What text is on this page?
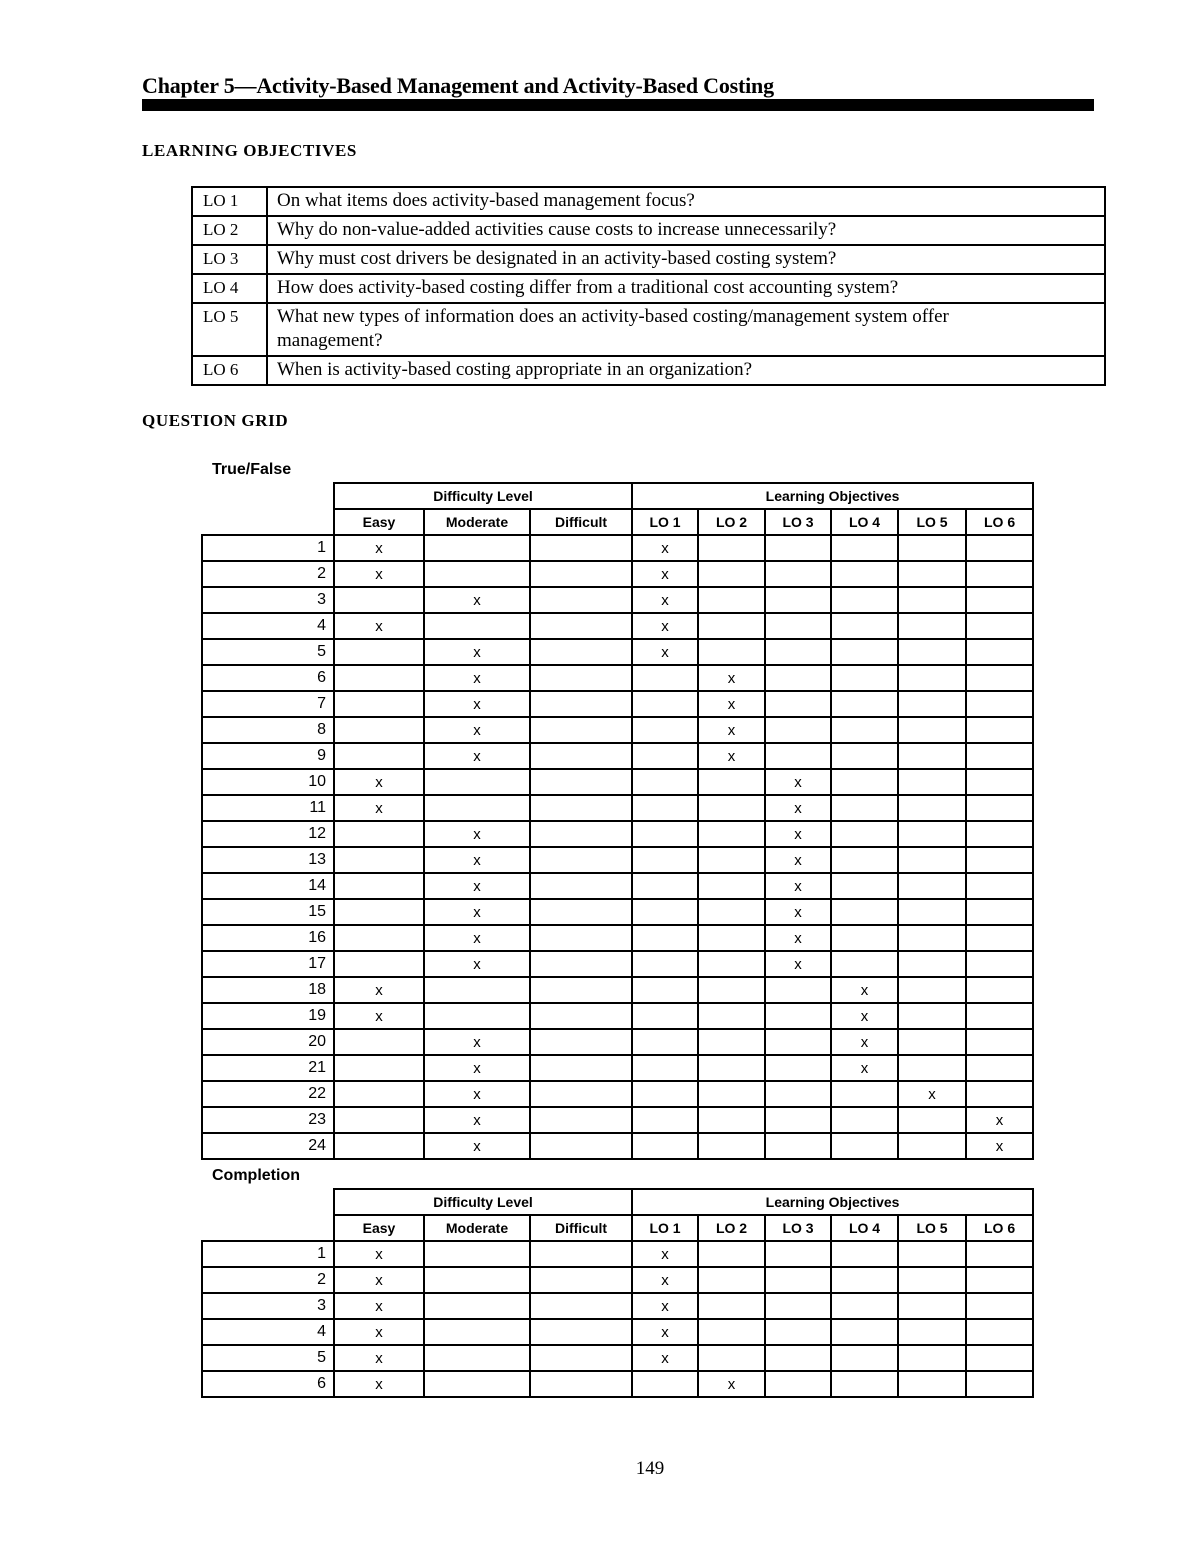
Chapter 5—Activity-Based Management and Activity-Based Costing
LEARNING OBJECTIVES
LO 1	On what items does activity-based management focus?
LO 2	Why do non-value-added activities cause costs to increase unnecessarily?
LO 3	Why must cost drivers be designated in an activity-based costing system?
LO 4	How does activity-based costing differ from a traditional cost accounting system?
LO 5	What new types of information does an activity-based costing/management system offer management?
LO 6	When is activity-based costing appropriate in an organization?
QUESTION GRID
True/False
	Difficulty Level			Learning Objectives					
	Easy	Moderate	Difficult	LO 1	LO 2	LO 3	LO 4	LO 5	LO 6
1	x			x					
2	x			x					
3		x		x					
4	x			x					
5		x		x					
6		x			x				
7		x			x				
8		x			x				
9		x			x				
10	x					x			
11	x					x			
12		x				x			
13		x				x			
14		x				x			
15		x				x			
16		x				x			
17		x				x			
18	x						x		
19	x						x		
20		x					x		
21		x					x		
22		x						x	
23		x							x
24		x							x
Completion
	Difficulty Level			Learning Objectives					
	Easy	Moderate	Difficult	LO 1	LO 2	LO 3	LO 4	LO 5	LO 6
1	x			x					
2	x			x					
3	x			x					
4	x			x					
5	x			x					
6	x				x				
149
